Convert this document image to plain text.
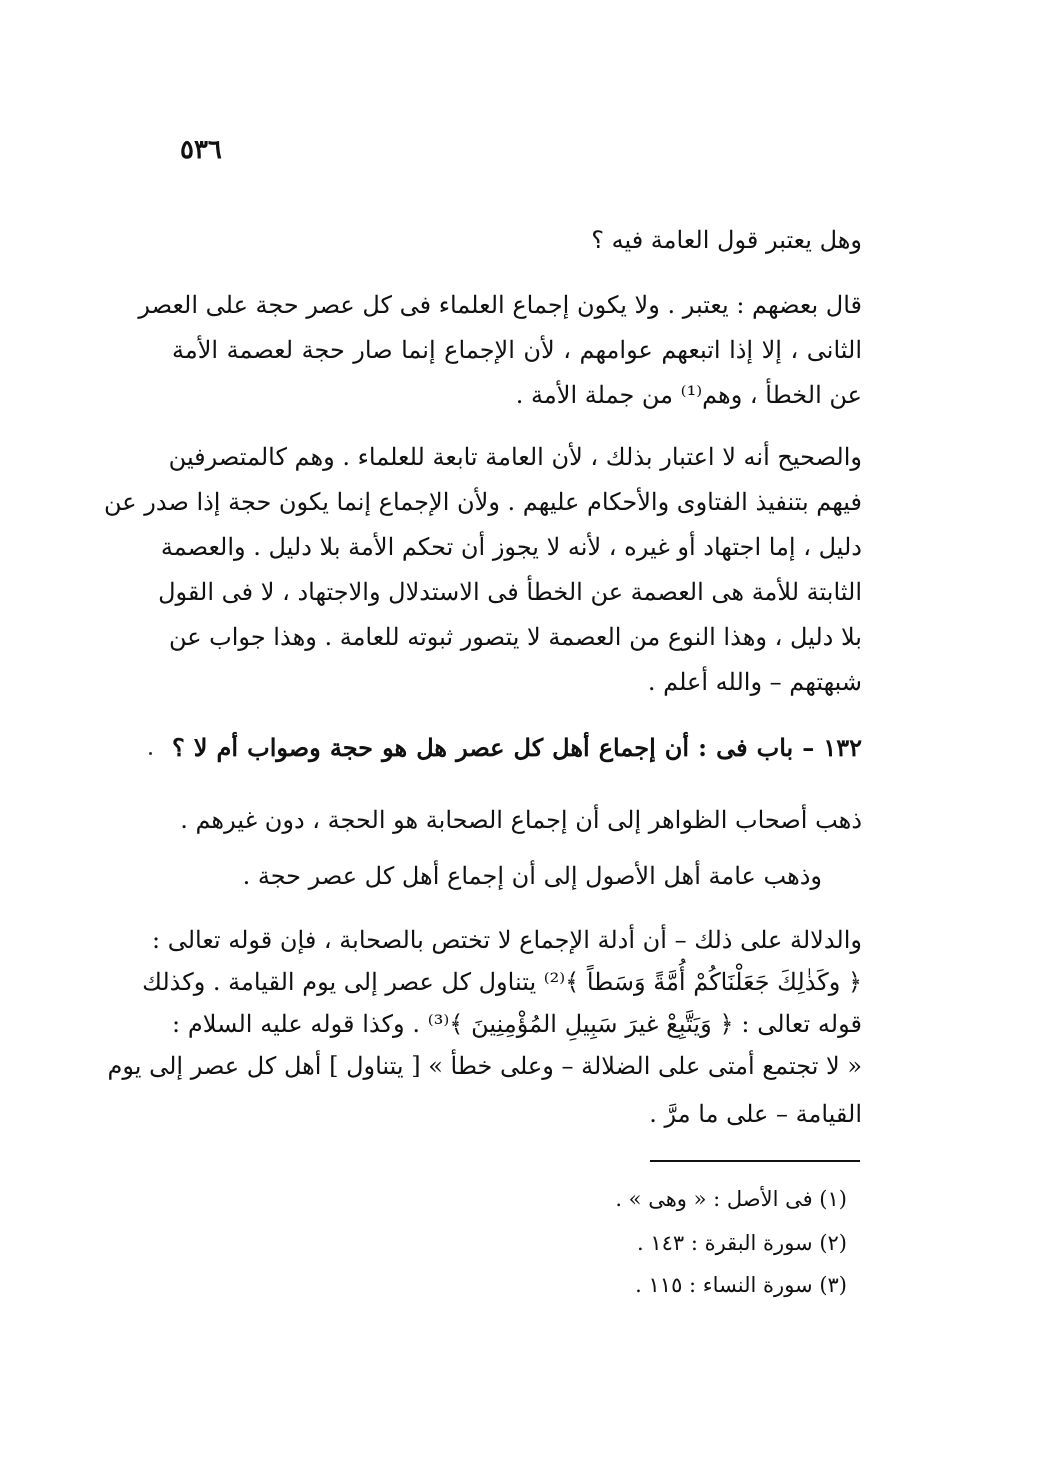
٥٣٦
وهل يعتبر قول العامة فيه ؟
قال بعضهم : يعتبر . ولا يكون إجماع العلماء فى كل عصر حجة على العصر
الثانى ، إلا إذا اتبعهم عوامهم ، لأن الإجماع إنما صار حجة لعصمة الأمة
عن الخطأ ، وهم⁽¹⁾ من جملة الأمة .
والصحيح أنه لا اعتبار بذلك ، لأن العامة تابعة للعلماء . وهم كالمتصرفين
فيهم بتنفيذ الفتاوى والأحكام عليهم . ولأن الإجماع إنما يكون حجة إذا صدر عن
دليل ، إما اجتهاد أو غيره ، لأنه لا يجوز أن تحكم الأمة بلا دليل . والعصمة
الثابتة للأمة هى العصمة عن الخطأ فى الاستدلال والاجتهاد ، لا فى القول
بلا دليل ، وهذا النوع من العصمة لا يتصور ثبوته للعامة . وهذا جواب عن
شبهتهم – والله أعلم .
١٣٢ – باب فى : أن إجماع أهل كل عصر هل هو حجة وصواب أم لا ؟
ذهب أصحاب الظواهر إلى أن إجماع الصحابة هو الحجة ، دون غيرهم .
وذهب عامة أهل الأصول إلى أن إجماع أهل كل عصر حجة .
والدلالة على ذلك – أن أدلة الإجماع لا تختص بالصحابة ، فإن قوله تعالى :
﴿ وكَذٰلِكَ جَعَلْنَاكُمْ أُمَّةً وَسَطاً ﴾⁽²⁾ يتناول كل عصر إلى يوم القيامة . وكذلك
قوله تعالى : ﴿ وَيَتَّبِعْ غيرَ سَبِيلِ المُؤْمِنِينَ ﴾⁽³⁾ . وكذا قوله عليه السلام :
« لا تجتمع أمتى على الضلالة – وعلى خطأ » [ يتناول ] أهل كل عصر إلى يوم
القيامة – على ما مرَّ .
(١) فى الأصل : « وهى » .
(٢) سورة البقرة : ١٤٣ .
(٣) سورة النساء : ١١٥ .
